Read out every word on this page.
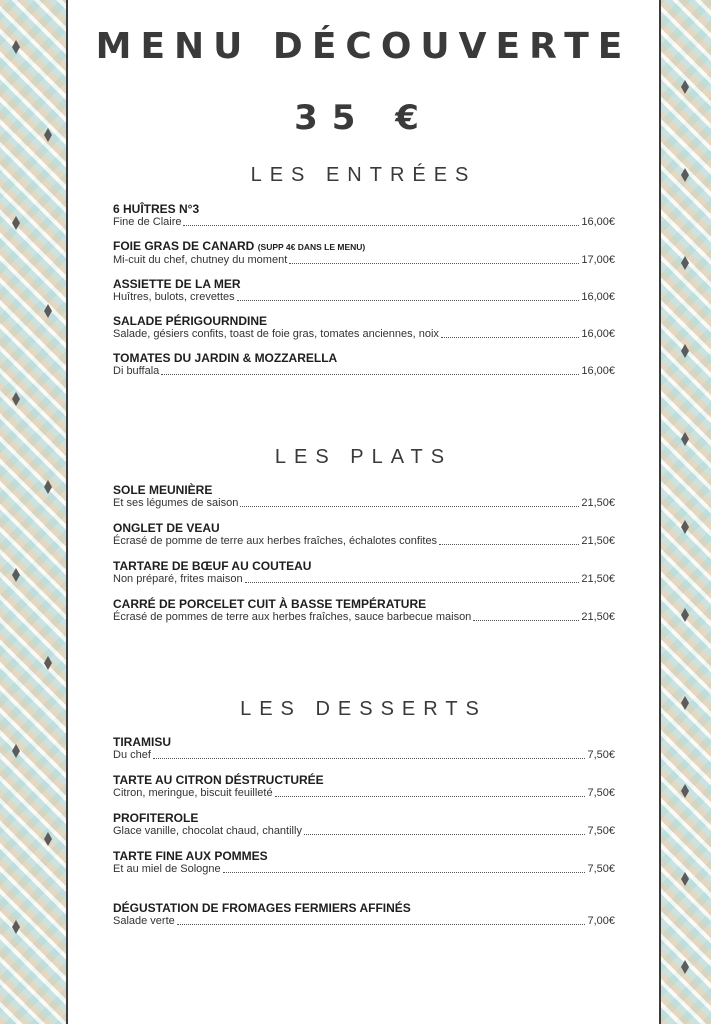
MENU DÉCOUVERTE
35 €
LES ENTRÉES
6 HUÎTRES N°3
Fine de Claire	16,00€
FOIE GRAS DE CANARD (SUPP 4€ DANS LE MENU)
Mi-cuit du chef, chutney du moment	17,00€
ASSIETTE DE LA MER
Huîtres, bulots, crevettes	16,00€
SALADE PÉRIGOURNDINE
Salade, gésiers confits, toast de foie gras, tomates anciennes, noix	16,00€
TOMATES DU JARDIN & MOZZARELLA
Di buffala	16,00€
LES PLATS
SOLE MEUNIÈRE
Et ses légumes de saison	21,50€
ONGLET DE VEAU
Écrasé de pomme de terre aux herbes fraîches, échalotes confites	21,50€
TARTARE DE BŒUF AU COUTEAU
Non préparé, frites maison	21,50€
CARRÉ DE PORCELET CUIT À BASSE TEMPÉRATURE
Écrasé de pommes de terre aux herbes fraîches, sauce barbecue maison	21,50€
LES DESSERTS
TIRAMISU
Du chef	7,50€
TARTE AU CITRON DÉSTRUCTURÉE
Citron, meringue, biscuit feuilleté	7,50€
PROFITEROLE
Glace vanille, chocolat chaud, chantilly	7,50€
TARTE FINE AUX POMMES
Et au miel de Sologne	7,50€
DÉGUSTATION DE FROMAGES FERMIERS AFFINÉS
Salade verte	7,00€
